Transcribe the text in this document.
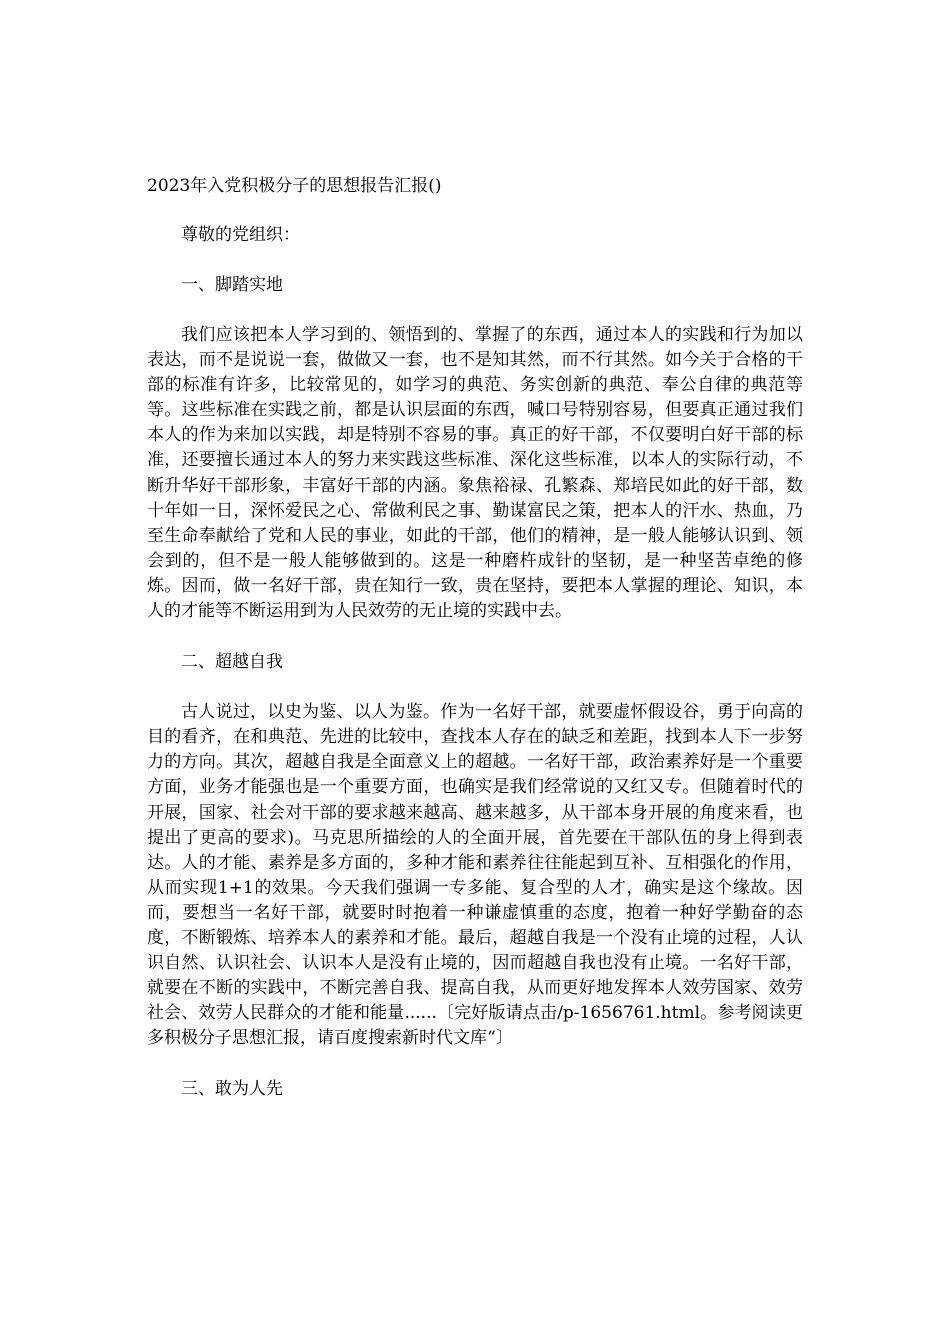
2023年入党积极分子的思想报告汇报()
尊敬的党组织：
一、脚踏实地
我们应该把本人学习到的、领悟到的、掌握了的东西，通过本人的实践和行为加以表达，而不是说说一套，做做又一套，也不是知其然，而不行其然。如今关于合格的干部的标准有许多，比较常见的，如学习的典范、务实创新的典范、奉公自律的典范等等。这些标准在实践之前，都是认识层面的东西，喊口号特别容易，但要真正通过我们本人的作为来加以实践，却是特别不容易的事。真正的好干部，不仅要明白好干部的标准，还要擅长通过本人的努力来实践这些标准、深化这些标准，以本人的实际行动，不断升华好干部形象，丰富好干部的内涵。象焦裕禄、孔繁森、郑培民如此的好干部，数十年如一日，深怀爱民之心、常做利民之事、勤谋富民之策，把本人的汗水、热血，乃至生命奉献给了党和人民的事业，如此的干部，他们的精神，是一般人能够认识到、领会到的，但不是一般人能够做到的。这是一种磨杵成针的坚韧，是一种坚苦卓绝的修炼。因而，做一名好干部，贵在知行一致，贵在坚持，要把本人掌握的理论、知识，本人的才能等不断运用到为人民效劳的无止境的实践中去。
二、超越自我
古人说过，以史为鉴、以人为鉴。作为一名好干部，就要虚怀假设谷，勇于向高的目的看齐，在和典范、先进的比较中，查找本人存在的缺乏和差距，找到本人下一步努力的方向。其次，超越自我是全面意义上的超越。一名好干部，政治素养好是一个重要方面，业务才能强也是一个重要方面，也确实是我们经常说的又红又专。但随着时代的开展，国家、社会对干部的要求越来越高、越来越多，从干部本身开展的角度来看，也提出了更高的要求)。马克思所描绘的人的全面开展，首先要在干部队伍的身上得到表达。人的才能、素养是多方面的，多种才能和素养往往能起到互补、互相强化的作用，从而实现1+1的效果。今天我们强调一专多能、复合型的人才，确实是这个缘故。因而，要想当一名好干部，就要时时抱着一种谦虚慎重的态度，抱着一种好学勤奋的态度，不断锻炼、培养本人的素养和才能。最后，超越自我是一个没有止境的过程，人认识自然、认识社会、认识本人是没有止境的，因而超越自我也没有止境。一名好干部，就要在不断的实践中，不断完善自我、提高自我，从而更好地发挥本人效劳国家、效劳社会、效劳人民群众的才能和能量......〔完好版请点击/p-1656761.html。参考阅读更多积极分子思想汇报，请百度搜索新时代文库“〕
三、敢为人先
